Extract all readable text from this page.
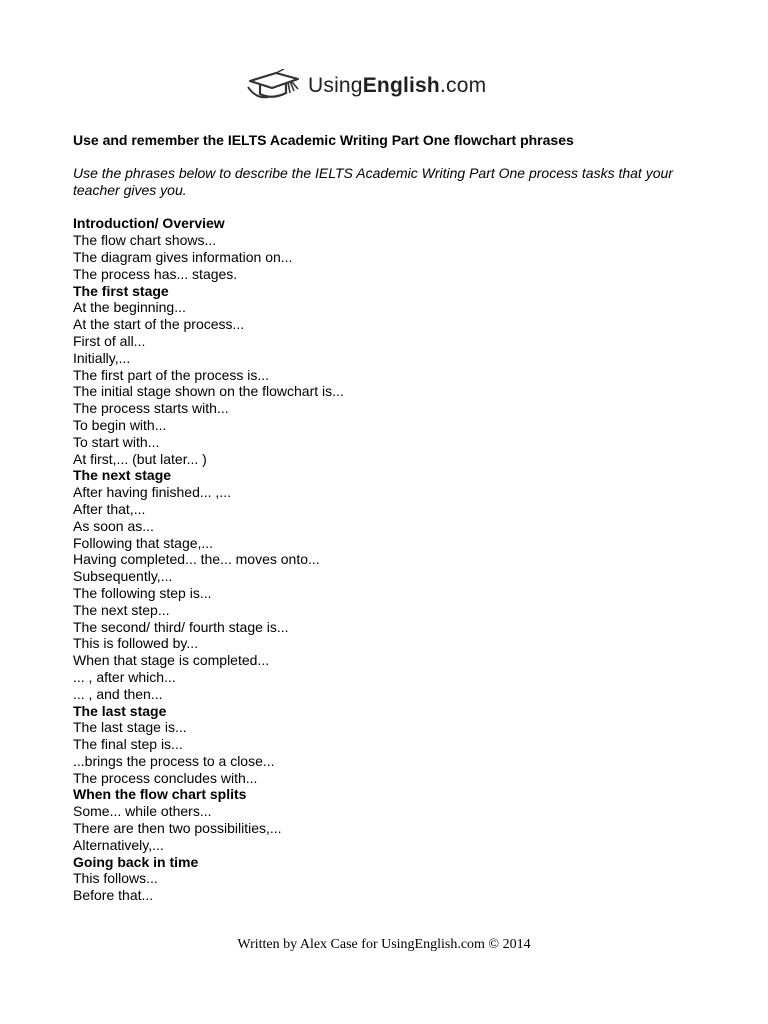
UsingEnglish.com
Use and remember the IELTS Academic Writing Part One flowchart phrases
Use the phrases below to describe the IELTS Academic Writing Part One process tasks that your teacher gives you.
Introduction/ Overview
The flow chart shows...
The diagram gives information on...
The process has... stages.
The first stage
At the beginning...
At the start of the process...
First of all...
Initially,...
The first part of the process is...
The initial stage shown on the flowchart is...
The process starts with...
To begin with...
To start with...
At first,... (but later... )
The next stage
After having finished... ,...
After that,...
As soon as...
Following that stage,...
Having completed... the... moves onto...
Subsequently,...
The following step is...
The next step...
The second/ third/ fourth stage is...
This is followed by...
When that stage is completed...
... , after which...
... , and then...
The last stage
The last stage is...
The final step is...
...brings the process to a close...
The process concludes with...
When the flow chart splits
Some... while others...
There are then two possibilities,...
Alternatively,...
Going back in time
This follows...
Before that...
Written by Alex Case for UsingEnglish.com © 2014
